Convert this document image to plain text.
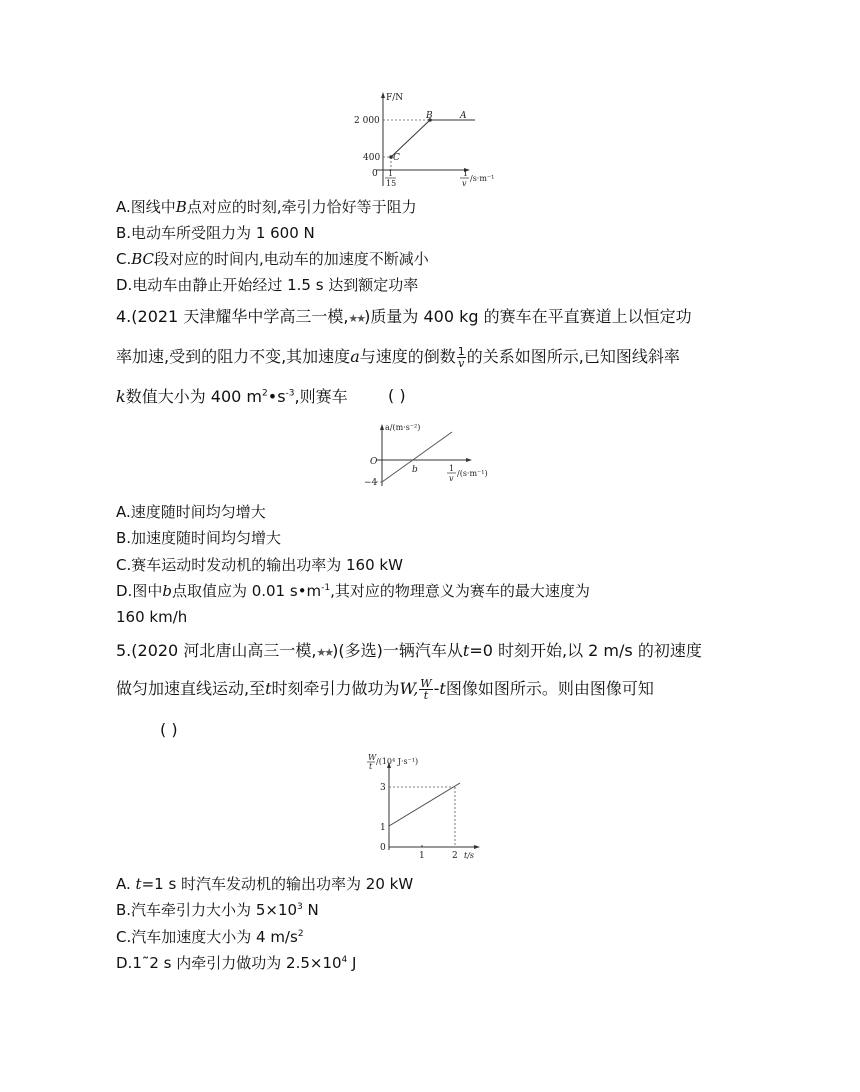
F/N
2 000
400
0
B	A
C
1
15
1
v
/s·m⁻¹
A.图线中B点对应的时刻,牵引力恰好等于阻力
B.电动车所受阻力为 1 600 N
C.BC段对应的时间内,电动车的加速度不断减小
D.电动车由静止开始经过 1.5 s 达到额定功率
4.(2021 天津耀华中学高三一模,★★)质量为 400 kg 的赛车在平直赛道上以恒定功
率加速,受到的阻力不变,其加速度a与速度的倒数 $\frac{1}{v}$ 的关系如图所示,已知图线斜率
k数值大小为 400 $m^2•s^{-3}$,则赛车	( )
a/(m·s⁻²)
O
−4
b	1
v
/(s·m⁻¹)
A.速度随时间均匀增大
B.加速度随时间均匀增大
C.赛车运动时发动机的输出功率为 160 kW
D.图中b点取值应为 0.01 $s•m^{-1}$,其对应的物理意义为赛车的最大速度为
160 km/h
5.(2020 河北唐山高三一模,★★)(多选)一辆汽车从t=0 时刻开始,以 2 m/s 的初速度
做匀加速直线运动,至t时刻牵引力做功为W, $\frac{W}{t} -t$图像如图所示。则由图像可知
( )
W
t
/(10⁴ J·s⁻¹)
3
1
0
1	2 t/s
A. t=1 s 时汽车发动机的输出功率为 20 kW
B.汽车牵引力大小为 $5\times 10^3$ N
C.汽车加速度大小为 4 $m/s^2$
D.1˜2 s 内牵引力做功为 $2.5\times 10^4$ J
